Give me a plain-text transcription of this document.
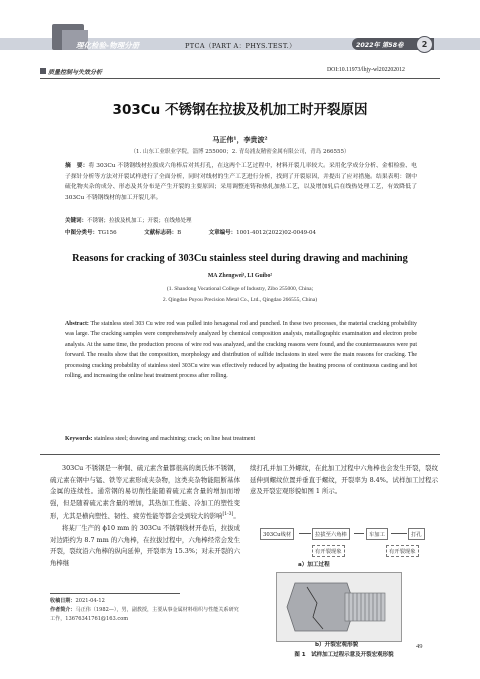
理化检验-物理分册	PTCA（PART A：PHYS.TEST.）	2022年 第58卷	2
质量控制与失效分析	DOI:10.11973/lhjy-wl202202012
303Cu 不锈钢在拉拔及机加工时开裂原因
马正伟¹，李贵波²
（1. 山东工业职业学院，淄博 255000；2. 青岛浦友精密金属有限公司，青岛 266555）
摘　要：将 303Cu 不锈钢线材拉拔成六角棒后对其打孔，在这两个工艺过程中，材料开裂几率较大。采用化学成分分析、金相检验、电子探针分析等方法对开裂试样进行了全面分析，同时对线材的生产工艺进行分析，找到了开裂原因，并提出了应对措施。结果表明：钢中硫化物夹杂的成分、形态及其分布是产生开裂的主要原因；采用调整连铸和热轧加热工艺，以及增加轧后在线热处理工艺，有效降低了 303Cu 不锈钢线材的加工开裂几率。
关键词：不锈钢；拉拔及机加工；开裂；在线热处理
中图分类号：TG156	文献标志码：B	文章编号：1001-4012(2022)02-0049-04
Reasons for cracking of 303Cu stainless steel during drawing and machining
MA Zhengwei¹, LI Guibo²
(1. Shandong Vocational College of Industry, Zibo 255000, China;
2. Qingdao Puyou Precision Metal Co., Ltd., Qingdao 266555, China)
Abstract: The stainless steel 303 Cu wire rod was pulled into hexagonal rod and punched. In these two processes, the material cracking probability was large. The cracking samples were comprehensively analyzed by chemical composition analysis, metallographic examination and electron probe analysis. At the same time, the production process of wire rod was analyzed, and the cracking reasons were found, and the countermeasures were put forward. The results show that the composition, morphology and distribution of sulfide inclusions in steel were the main reasons for cracking. The processing cracking probability of stainless steel 303Cu wire was effectively reduced by adjusting the heating process of continuous casting and hot rolling, and increasing the online heat treatment process after rolling.
Keywords: stainless steel; drawing and machining; crack; on line heat treatment
303Cu 不锈钢是一种铜、硫元素含量都很高的奥氏体不锈钢，硫元素在钢中与锰、铁等元素形成夹杂物，这类夹杂物能阻断基体金属的连续性。通常钢的易切削性能随着硫元素含量的增加而增强，但是随着硫元素含量的增加，其热加工性能、冷加工的塑性变形，尤其是横向塑性、韧性、疲劳性能等都会受到较大的影响[1-3]。
将某厂生产的 ϕ10 mm 的 303Cu 不锈钢线材开卷后，拉拔成对边距约为 8.7 mm 的六角棒，在拉拔过程中，六角棒经常会发生开裂，裂纹沿六角棒的纵向延伸，开裂率为 15.3%；对未开裂的六角棒继
续打孔并加工外螺纹，在此加工过程中六角棒也会发生开裂，裂纹延伸到螺纹位置并垂直于螺纹，开裂率为 8.4%。试样加工过程示意及开裂宏观形貌如图 1 所示。
303Cu线材	拉拔至六角棒	车加工	打孔
有开裂现象	有开裂现象
a）加工过程
b）开裂宏观形貌
图 1　试样加工过程示意及开裂宏观形貌
收稿日期：2021-04-12
作者简介：马正伟（1982—），男，副教授，主要从事金属材料组织与性能关系研究工作，13676341761@163.com
49
